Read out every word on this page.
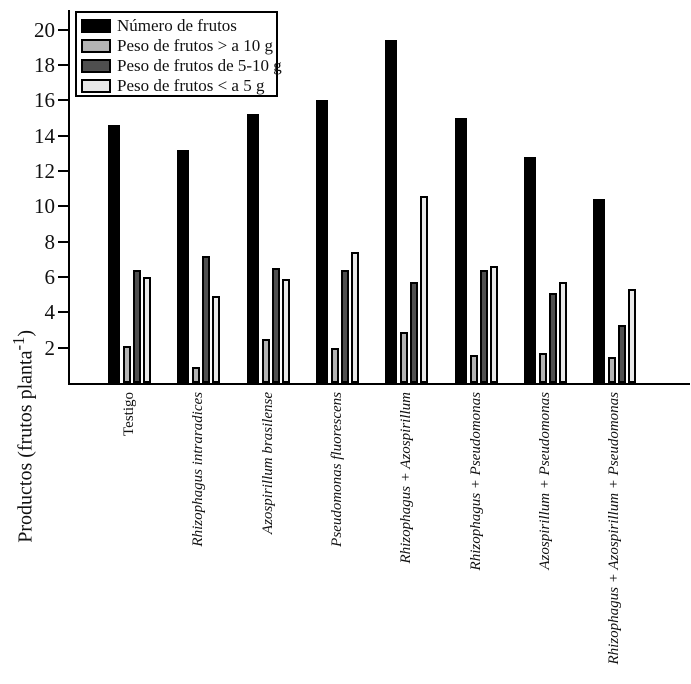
Productos (frutos planta$^{-1}$)
2
4
6
8
10
12
14
16
18
20
Testigo	Rhizophagus intraradices	Azospirillum brasilense	Pseudomonas fluorescens	Rhizophagus + Azospirillum	Rhizophagus + Pseudomonas	Azospirillum + Pseudomonas	Rhizophagus + Azospirillum + Pseudomonas
Número de frutos
Peso de frutos > a 10 g
Peso de frutos de 5-10 g
Peso de frutos < a 5 g
